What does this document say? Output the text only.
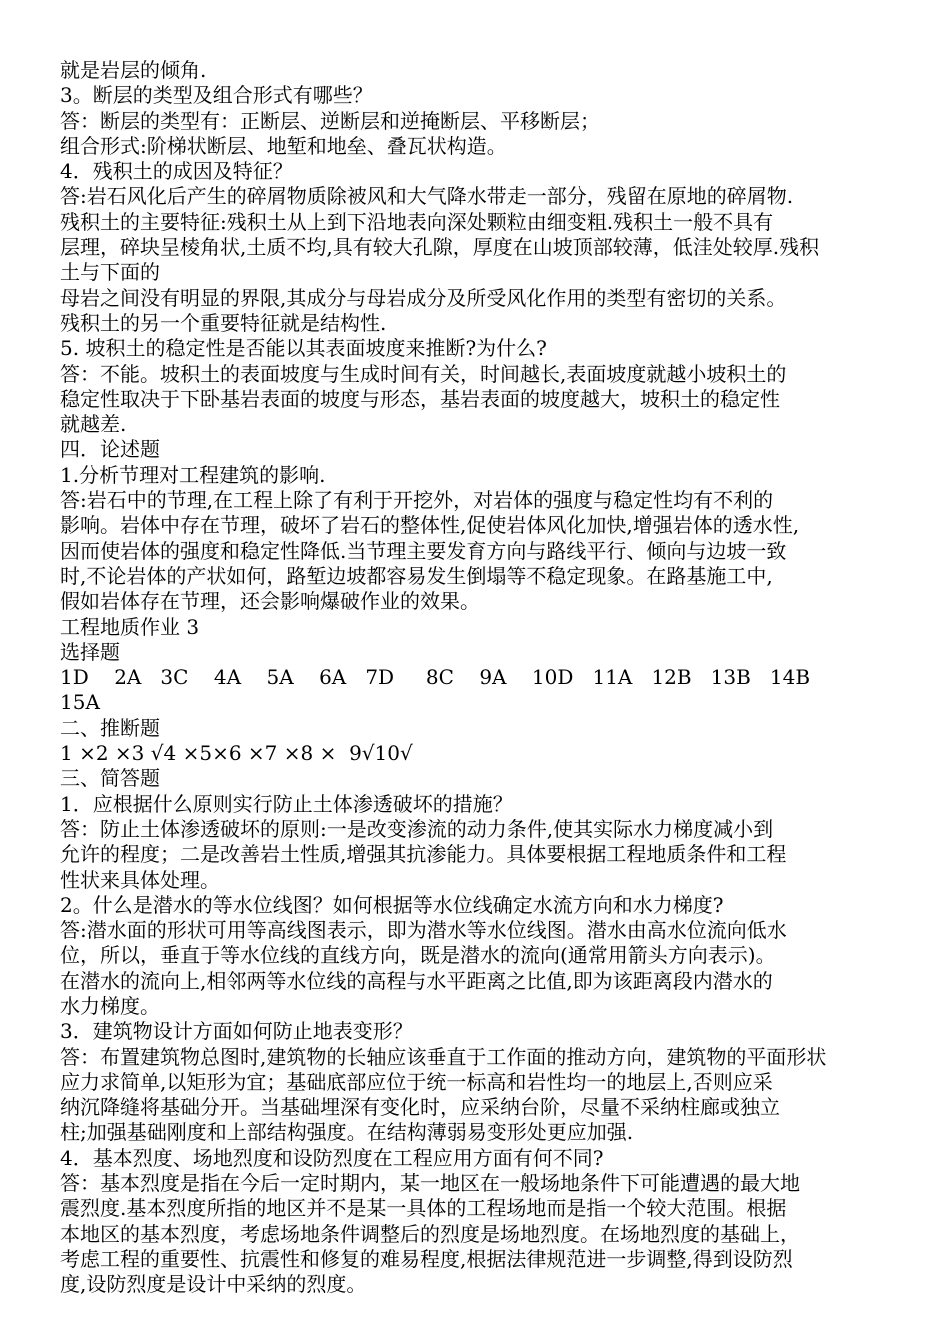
就是岩层的倾角.
3。断层的类型及组合形式有哪些？
答：断层的类型有：正断层、逆断层和逆掩断层、平移断层；
组合形式:阶梯状断层、地堑和地垒、叠瓦状构造。
4．残积土的成因及特征？
答:岩石风化后产生的碎屑物质除被风和大气降水带走一部分，残留在原地的碎屑物.
残积土的主要特征:残积土从上到下沿地表向深处颗粒由细变粗.残积土一般不具有
层理，碎块呈棱角状,土质不均,具有较大孔隙，厚度在山坡顶部较薄，低洼处较厚.残积
土与下面的
母岩之间没有明显的界限,其成分与母岩成分及所受风化作用的类型有密切的关系。
残积土的另一个重要特征就是结构性.
5. 坡积土的稳定性是否能以其表面坡度来推断?为什么?
答：不能。坡积土的表面坡度与生成时间有关，时间越长,表面坡度就越小坡积土的
稳定性取决于下卧基岩表面的坡度与形态，基岩表面的坡度越大，坡积土的稳定性
就越差.
四．论述题
1.分析节理对工程建筑的影响.
答:岩石中的节理,在工程上除了有利于开挖外，对岩体的强度与稳定性均有不利的
影响。岩体中存在节理，破坏了岩石的整体性,促使岩体风化加快,增强岩体的透水性,
因而使岩体的强度和稳定性降低.当节理主要发育方向与路线平行、倾向与边坡一致
时,不论岩体的产状如何，路堑边坡都容易发生倒塌等不稳定现象。在路基施工中,
假如岩体存在节理，还会影响爆破作业的效果。
工程地质作业 3
选择题
1D    2A   3C    4A    5A    6A   7D     8C    9A    10D   11A   12B   13B   14B
15A
二、推断题
1 ×2 ×3 √4 ×5×6 ×7 ×8 ×  9√10√
三、简答题
1．应根据什么原则实行防止土体渗透破坏的措施？
答：防止土体渗透破坏的原则:一是改变渗流的动力条件,使其实际水力梯度减小到
允许的程度；二是改善岩土性质,增强其抗渗能力。具体要根据工程地质条件和工程
性状来具体处理。
2。什么是潜水的等水位线图？如何根据等水位线确定水流方向和水力梯度?
答:潜水面的形状可用等高线图表示，即为潜水等水位线图。潜水由高水位流向低水
位，所以，垂直于等水位线的直线方向，既是潜水的流向(通常用箭头方向表示)。
在潜水的流向上,相邻两等水位线的高程与水平距离之比值,即为该距离段内潜水的
水力梯度。
3．建筑物设计方面如何防止地表变形？
答：布置建筑物总图时,建筑物的长轴应该垂直于工作面的推动方向，建筑物的平面形状
应力求简单,以矩形为宜；基础底部应位于统一标高和岩性均一的地层上,否则应采
纳沉降缝将基础分开。当基础埋深有变化时，应采纳台阶，尽量不采纳柱廊或独立
柱;加强基础刚度和上部结构强度。在结构薄弱易变形处更应加强.
4．基本烈度、场地烈度和设防烈度在工程应用方面有何不同?
答：基本烈度是指在今后一定时期内，某一地区在一般场地条件下可能遭遇的最大地
震烈度.基本烈度所指的地区并不是某一具体的工程场地而是指一个较大范围。根据
本地区的基本烈度，考虑场地条件调整后的烈度是场地烈度。在场地烈度的基础上，
考虑工程的重要性、抗震性和修复的难易程度,根据法律规范进一步调整,得到设防烈
度,设防烈度是设计中采纳的烈度。
